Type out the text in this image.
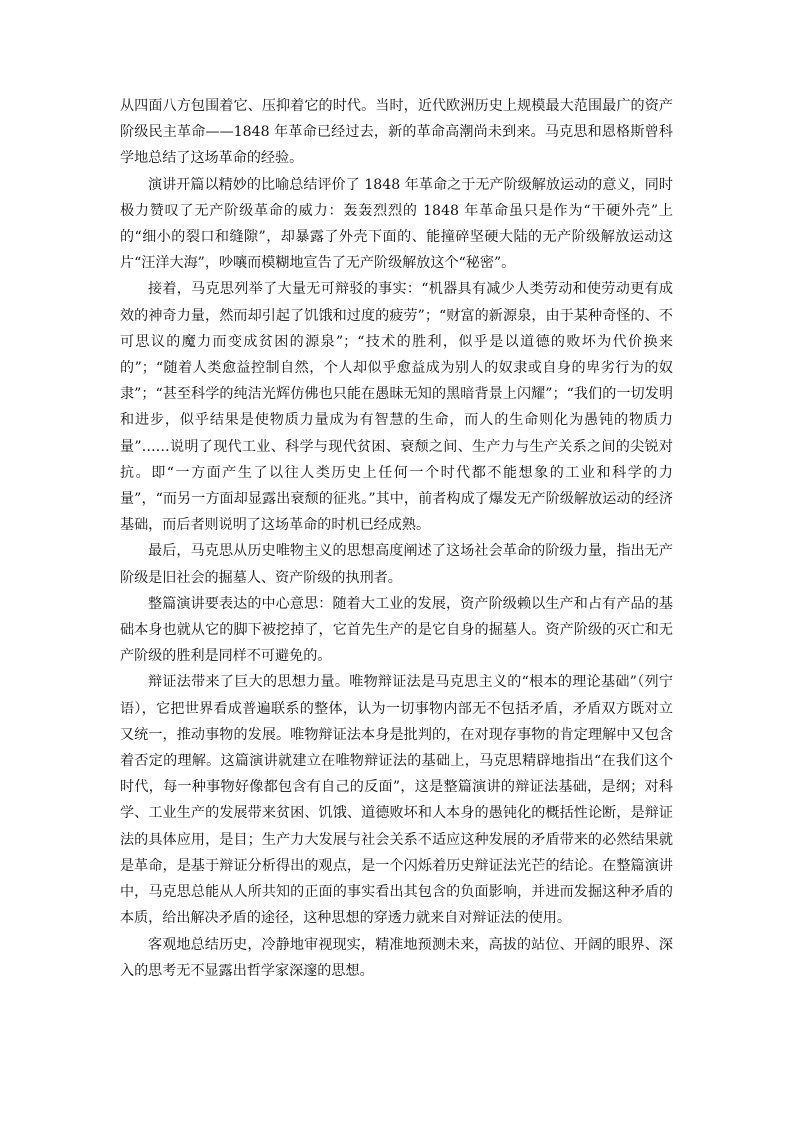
从四面八方包围着它、压抑着它的时代。当时，近代欧洲历史上规模最大范围最广的资产阶级民主革命——1848 年革命已经过去，新的革命高潮尚未到来。马克思和恩格斯曾科学地总结了这场革命的经验。

演讲开篇以精妙的比喻总结评价了 1848 年革命之于无产阶级解放运动的意义，同时极力赞叹了无产阶级革命的威力：轰轰烈烈的 1848 年革命虽只是作为“干硬外壳”上的“细小的裂口和缝隙”，却暴露了外壳下面的、能撞碎坚硬大陆的无产阶级解放运动这片“汪洋大海”，吵嚷而模糊地宣告了无产阶级解放这个“秘密”。

接着，马克思列举了大量无可辩驳的事实：“机器具有减少人类劳动和使劳动更有成效的神奇力量，然而却引起了饥饿和过度的疲劳”；“财富的新源泉，由于某种奇怪的、不可思议的魔力而变成贫困的源泉”；“技术的胜利，似乎是以道德的败坏为代价换来的”；“随着人类愈益控制自然，个人却似乎愈益成为别人的奴隶或自身的卑劣行为的奴隶”；“甚至科学的纯洁光辉仿佛也只能在愚昧无知的黑暗背景上闪耀”；“我们的一切发明和进步，似乎结果是使物质力量成为有智慧的生命，而人的生命则化为愚钝的物质力量”……说明了现代工业、科学与现代贫困、衰颓之间、生产力与生产关系之间的尖锐对抗。即“一方面产生了以往人类历史上任何一个时代都不能想象的工业和科学的力量”，“而另一方面却显露出衰颓的征兆。”其中，前者构成了爆发无产阶级解放运动的经济基础，而后者则说明了这场革命的时机已经成熟。

最后，马克思从历史唯物主义的思想高度阐述了这场社会革命的阶级力量，指出无产阶级是旧社会的掘墓人、资产阶级的执刑者。

整篇演讲要表达的中心意思：随着大工业的发展，资产阶级赖以生产和占有产品的基础本身也就从它的脚下被挖掉了，它首先生产的是它自身的掘墓人。资产阶级的灭亡和无产阶级的胜利是同样不可避免的。

辩证法带来了巨大的思想力量。唯物辩证法是马克思主义的“根本的理论基础”（列宁语），它把世界看成普遍联系的整体，认为一切事物内部无不包括矛盾，矛盾双方既对立又统一，推动事物的发展。唯物辩证法本身是批判的，在对现存事物的肯定理解中又包含着否定的理解。这篇演讲就建立在唯物辩证法的基础上，马克思精辟地指出“在我们这个时代，每一种事物好像都包含有自己的反面”，这是整篇演讲的辩证法基础，是纲；对科学、工业生产的发展带来贫困、饥饿、道德败坏和人本身的愚钝化的概括性论断，是辩证法的具体应用，是目；生产力大发展与社会关系不适应这种发展的矛盾带来的必然结果就是革命，是基于辩证分析得出的观点，是一个闪烁着历史辩证法光芒的结论。在整篇演讲中，马克思总能从人所共知的正面的事实看出其包含的负面影响，并进而发掘这种矛盾的本质，给出解决矛盾的途径，这种思想的穿透力就来自对辩证法的使用。

客观地总结历史，冷静地审视现实，精准地预测未来，高拔的站位、开阔的眼界、深入的思考无不显露出哲学家深邃的思想。
